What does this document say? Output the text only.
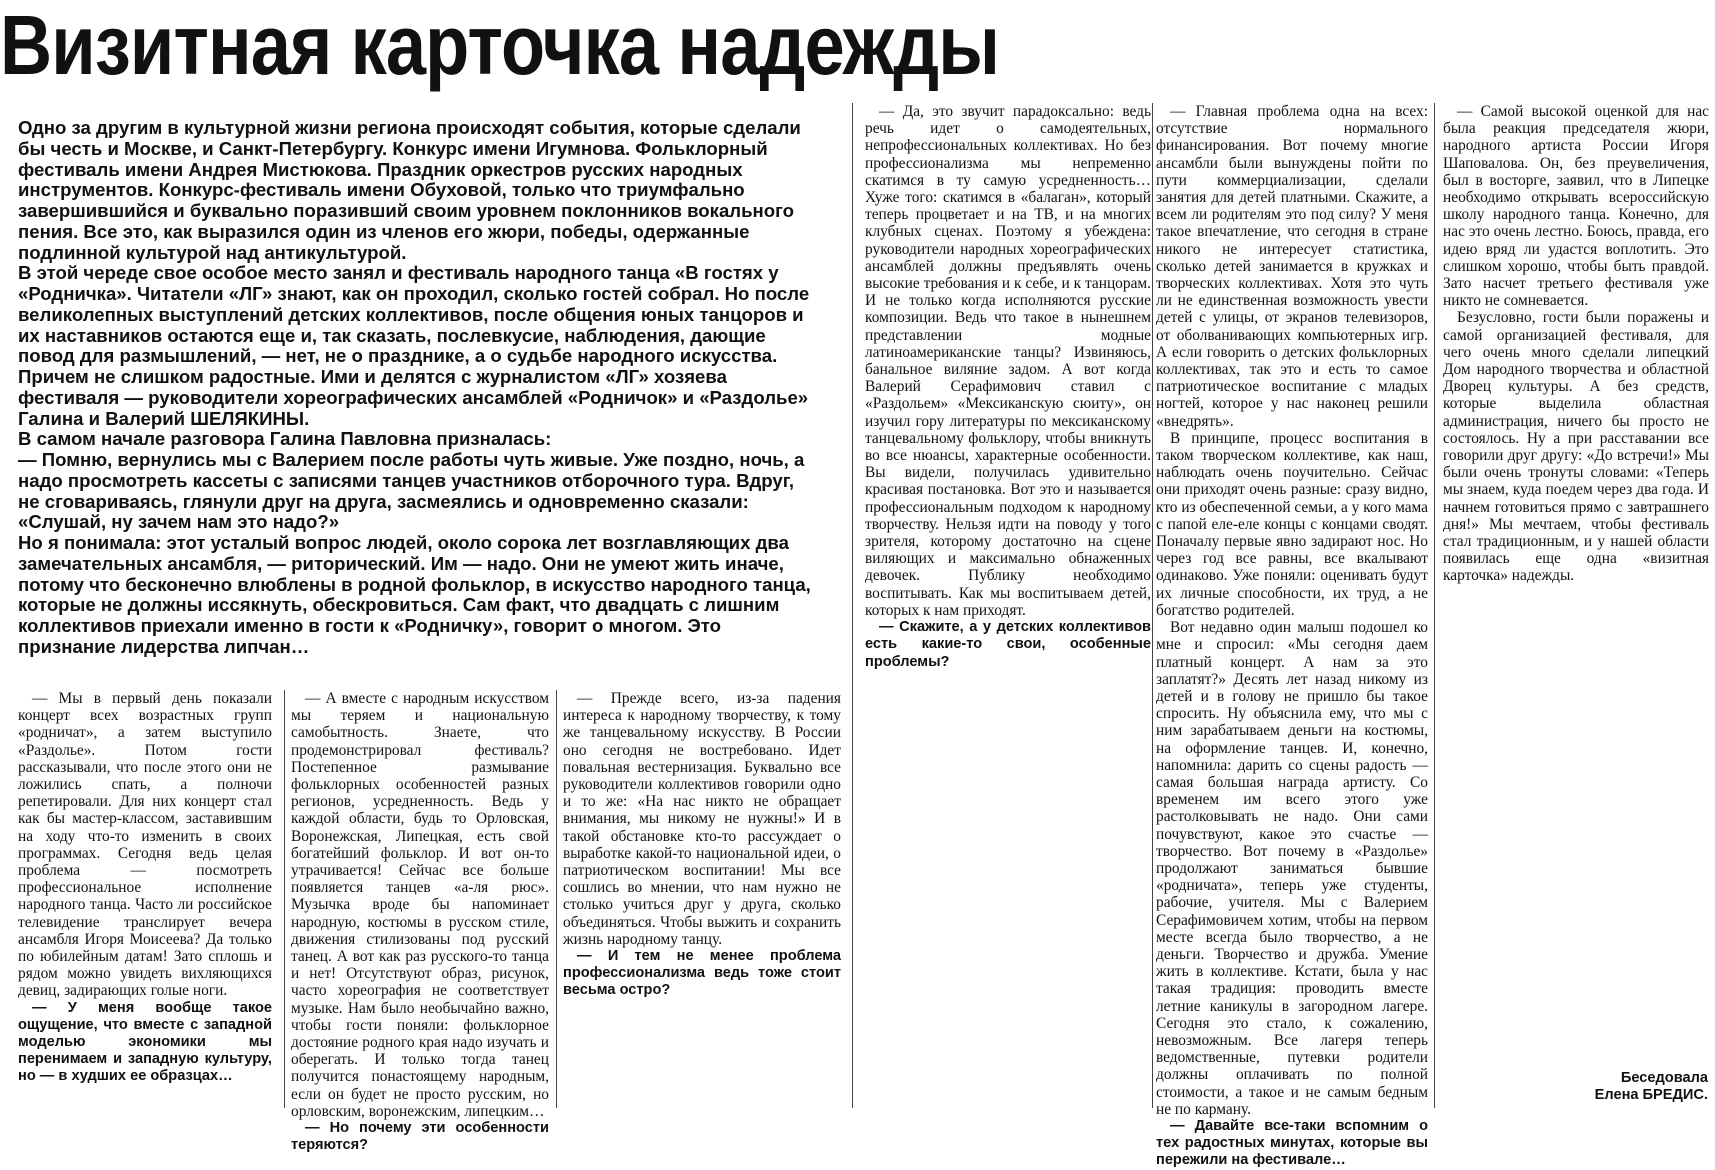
Визитная карточка надежды

Одно за другим в культурной жизни региона происходят события, которые сделали бы честь и Москве, и Санкт-Петербургу. Конкурс имени Игумнова. Фольклорный фестиваль имени Андрея Мистюкова. Праздник оркестров русских народных инструментов. Конкурс-фестиваль имени Обуховой, только что триумфально завершившийся и буквально поразивший своим уровнем поклонников вокального пения. Все это, как выразился один из членов его жюри, победы, одержанные подлинной культурой над антикультурой.

В этой череде свое особое место занял и фестиваль народного танца «В гостях у «Родничка». Читатели «ЛГ» знают, как он проходил, сколько гостей собрал. Но после великолепных выступлений детских коллективов, после общения юных танцоров и их наставников остаются еще и, так сказать, послевкусие, наблюдения, дающие повод для размышлений, — нет, не о празднике, а о судьбе народного искусства. Причем не слишком радостные. Ими и делятся с журналистом «ЛГ» хозяева фестиваля — руководители хореографических ансамблей «Родничок» и «Раздолье» Галина и Валерий ШЕЛЯКИНЫ.

В самом начале разговора Галина Павловна призналась:

— Помню, вернулись мы с Валерием после работы чуть живые. Уже поздно, ночь, а надо просмотреть кассеты с записями танцев участников отборочного тура. Вдруг, не сговариваясь, глянули друг на друга, засмеялись и одновременно сказали: «Слушай, ну зачем нам это надо?»

Но я понимала: этот усталый вопрос людей, около сорока лет возглавляющих два замечательных ансамбля, — риторический. Им — надо. Они не умеют жить иначе, потому что бесконечно влюблены в родной фольклор, в искусство народного танца, которые не должны иссякнуть, обескровиться. Сам факт, что двадцать с лишним коллективов приехали именно в гости к «Родничку», говорит о многом. Это признание лидерства липчан…

— Мы в первый день показали концерт всех возрастных групп «родничат», а затем выступило «Раздолье». Потом гости рассказывали, что после этого они не ложились спать, а полночи репетировали. Для них концерт стал как бы мастер-классом, заставившим на ходу что-то изменить в своих программах. Сегодня ведь целая проблема — посмотреть профессиональное исполнение народного танца. Часто ли российское телевидение транслирует вечера ансамбля Игоря Моисеева? Да только по юбилейным датам! Зато сплошь и рядом можно увидеть вихляющихся девиц, задирающих голые ноги.

— У меня вообще такое ощущение, что вместе с западной моделью экономики мы перенимаем и западную культуру, но — в худших ее образцах…

— А вместе с народным искусством мы теряем и национальную самобытность. Знаете, что продемонстрировал фестиваль? Постепенное размывание фольклорных особенностей разных регионов, усредненность. Ведь у каждой области, будь то Орловская, Воронежская, Липецкая, есть свой богатейший фольклор. И вот он-то утрачивается! Сейчас все больше появляется танцев «а-ля рюс». Музычка вроде бы напоминает народную, костюмы в русском стиле, движения стилизованы под русский танец. А вот как раз русского-то танца и нет! Отсутствуют образ, рисунок, часто хореография не соответствует музыке. Нам было необычайно важно, чтобы гости поняли: фольклорное достояние родного края надо изучать и оберегать. И только тогда танец получится понастоящему народным, если он будет не просто русским, но орловским, воронежским, липецким…

— Но почему эти особенности теряются?

— Прежде всего, из-за падения интереса к народному творчеству, к тому же танцевальному искусству. В России оно сегодня не востребовано. Идет повальная вестернизация. Буквально все руководители коллективов говорили одно и то же: «На нас никто не обращает внимания, мы никому не нужны!» И в такой обстановке кто-то рассуждает о выработке какой-то национальной идеи, о патриотическом воспитании! Мы все сошлись во мнении, что нам нужно не столько учиться друг у друга, сколько объединяться. Чтобы выжить и сохранить жизнь народному танцу.

— И тем не менее проблема профессионализма ведь тоже стоит весьма остро?

— Да, это звучит парадоксально: ведь речь идет о самодеятельных, непрофессиональных коллективах. Но без профессионализма мы непременно скатимся в ту самую усредненность… Хуже того: скатимся в «балаган», который теперь процветает и на ТВ, и на многих клубных сценах. Поэтому я убеждена: руководители народных хореографических ансамблей должны предъявлять очень высокие требования и к себе, и к танцорам. И не только когда исполняются русские композиции. Ведь что такое в нынешнем представлении модные латиноамериканские танцы? Извиняюсь, банальное виляние задом. А вот когда Валерий Серафимович ставил с «Раздольем» «Мексиканскую сюиту», он изучил гору литературы по мексиканскому танцевальному фольклору, чтобы вникнуть во все нюансы, характерные особенности. Вы видели, получилась удивительно красивая постановка. Вот это и называется профессиональным подходом к народному творчеству. Нельзя идти на поводу у того зрителя, которому достаточно на сцене виляющих и максимально обнаженных девочек. Публику необходимо воспитывать. Как мы воспитываем детей, которых к нам приходят.

— Скажите, а у детских коллективов есть какие-то свои, особенные проблемы?

— Главная проблема одна на всех: отсутствие нормального финансирования. Вот почему многие ансамбли были вынуждены пойти по пути коммерциализации, сделали занятия для детей платными. Скажите, а всем ли родителям это под силу? У меня такое впечатление, что сегодня в стране никого не интересует статистика, сколько детей занимается в кружках и творческих коллективах. Хотя это чуть ли не единственная возможность увести детей с улицы, от экранов телевизоров, от оболванивающих компьютерных игр. А если говорить о детских фольклорных коллективах, так это и есть то самое патриотическое воспитание с младых ногтей, которое у нас наконец решили «внедрять».

В принципе, процесс воспитания в таком творческом коллективе, как наш, наблюдать очень поучительно. Сейчас они приходят очень разные: сразу видно, кто из обеспеченной семьи, а у кого мама с папой еле-еле концы с концами сводят. Поначалу первые явно задирают нос. Но через год все равны, все вкалывают одинаково. Уже поняли: оценивать будут их личные способности, их труд, а не богатство родителей.

Вот недавно один малыш подошел ко мне и спросил: «Мы сегодня даем платный концерт. А нам за это заплатят?» Десять лет назад никому из детей и в голову не пришло бы такое спросить. Ну объяснила ему, что мы с ним зарабатываем деньги на костюмы, на оформление танцев. И, конечно, напомнила: дарить со сцены радость — самая большая награда артисту. Со временем им всего этого уже растолковывать не надо. Они сами почувствуют, какое это счастье — творчество. Вот почему в «Раздолье» продолжают заниматься бывшие «родничата», теперь уже студенты, рабочие, учителя. Мы с Валерием Серафимовичем хотим, чтобы на первом месте всегда было творчество, а не деньги. Творчество и дружба. Умение жить в коллективе. Кстати, была у нас такая традиция: проводить вместе летние каникулы в загородном лагере. Сегодня это стало, к сожалению, невозможным. Все лагеря теперь ведомственные, путевки родители должны оплачивать по полной стоимости, а такое и не самым бедным не по карману.

— Давайте все-таки вспомним о тех радостных минутах, которые вы пережили на фестивале…

— Самой высокой оценкой для нас была реакция председателя жюри, народного артиста России Игоря Шаповалова. Он, без преувеличения, был в восторге, заявил, что в Липецке необходимо открывать всероссийскую школу народного танца. Конечно, для нас это очень лестно. Боюсь, правда, его идею вряд ли удастся воплотить. Это слишком хорошо, чтобы быть правдой. Зато насчет третьего фестиваля уже никто не сомневается.

Безусловно, гости были поражены и самой организацией фестиваля, для чего очень много сделали липецкий Дом народного творчества и областной Дворец культуры. А без средств, которые выделила областная администрация, ничего бы просто не состоялось. Ну а при расставании все говорили друг другу: «До встречи!» Мы были очень тронуты словами: «Теперь мы знаем, куда поедем через два года. И начнем готовиться прямо с завтрашнего дня!» Мы мечтаем, чтобы фестиваль стал традиционным, и у нашей области появилась еще одна «визитная карточка» надежды.

Беседовала
Елена БРЕДИС.
